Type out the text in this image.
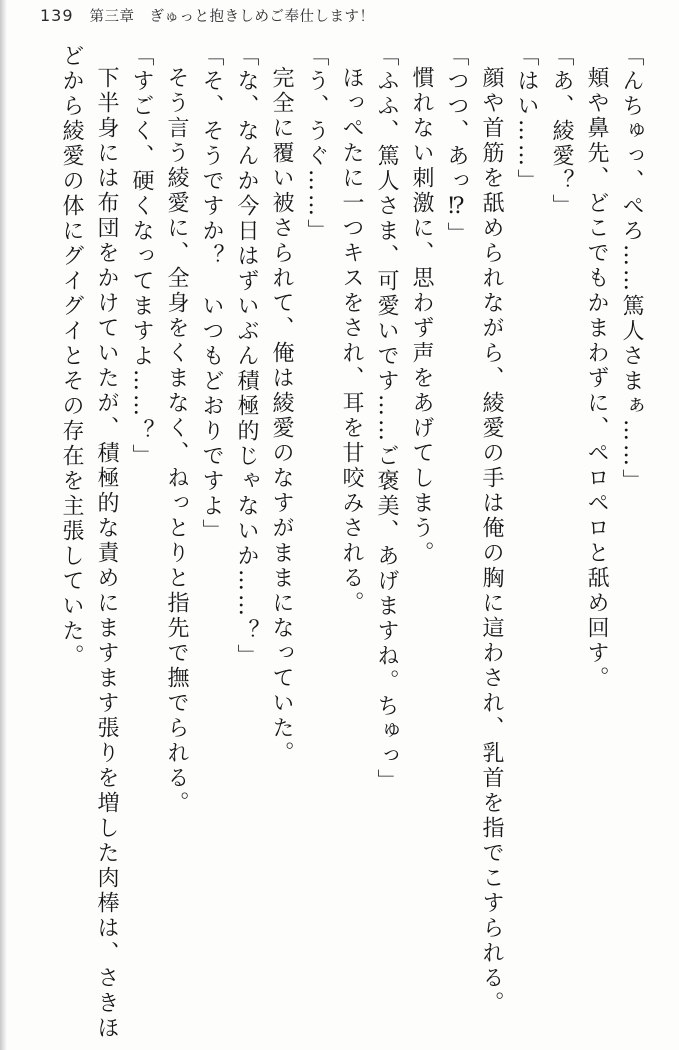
139 第三章　ぎゅっと抱きしめご奉仕します！

「んちゅっ、ぺろ……篤人さまぁ……」

頬や鼻先、どこでもかまわずに、ペロペロと舐め回す。

「あ、綾愛？」

「はい……」

顔や首筋を舐められながら、綾愛の手は俺の胸に這わされ、乳首を指でこすられる。

「つつ、あっ⁉」

慣れない刺激に、思わず声をあげてしまう。

「ふふ、篤人さま、可愛いです……ご褒美、あげますね。ちゅっ」

ほっぺたに一つキスをされ、耳を甘咬みされる。

「う、うぐ……」

完全に覆い被さられて、俺は綾愛のなすがままになっていた。

「な、なんか今日はずいぶん積極的じゃないか……？」

「そ、そうですか？　いつもどおりですよ」

そう言う綾愛に、全身をくまなく、ねっとりと指先で撫でられる。

「すごく、硬くなってますよ……？」

下半身には布団をかけていたが、積極的な責めにますます張りを増した肉棒は、さきほどから綾愛の体にグイグイとその存在を主張していた。
